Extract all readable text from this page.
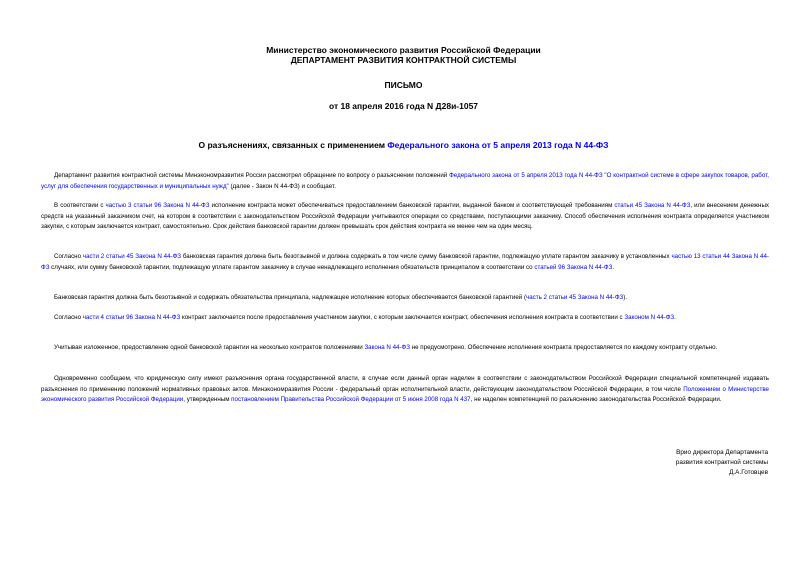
Министерство экономического развития Российской Федерации
ДЕПАРТАМЕНТ РАЗВИТИЯ КОНТРАКТНОЙ СИСТЕМЫ
ПИСЬМО
от 18 апреля 2016 года N Д28и-1057
О разъяснениях, связанных с применением Федерального закона от 5 апреля 2013 года N 44-ФЗ
Департамент развития контрактной системы Минэкономразвития России рассмотрел обращение по вопросу о разъяснении положений Федерального закона от 5 апреля 2013 года N 44-ФЗ "О контрактной системе в сфере закупок товаров, работ, услуг для обеспечения государственных и муниципальных нужд" (далее - Закон N 44-ФЗ) и сообщает.
В соответствии с частью 3 статьи 96 Закона N 44-ФЗ исполнение контракта может обеспечиваться предоставлением банковской гарантии, выданной банком и соответствующей требованиям статьи 45 Закона N 44-ФЗ, или внесением денежных средств на указанный заказчиком счет, на котором в соответствии с законодательством Российской Федерации учитываются операции со средствами, поступающими заказчику. Способ обеспечения исполнения контракта определяется участником закупки, с которым заключается контракт, самостоятельно. Срок действия банковской гарантии должен превышать срок действия контракта не менее чем на один месяц.
Согласно части 2 статьи 45 Закона N 44-ФЗ банковская гарантия должна быть безотзывной и должна содержать в том числе сумму банковской гарантии, подлежащую уплате гарантом заказчику в установленных частью 13 статьи 44 Закона N 44-ФЗ случаях, или сумму банковской гарантии, подлежащую уплате гарантом заказчику в случае ненадлежащего исполнения обязательств принципалом в соответствии со статьей 96 Закона N 44-ФЗ.
Банковская гарантия должна быть безотзывной и содержать обязательства принципала, надлежащее исполнение которых обеспечивается банковской гарантией (часть 2 статьи 45 Закона N 44-ФЗ).
Согласно части 4 статьи 96 Закона N 44-ФЗ контракт заключается после предоставления участником закупки, с которым заключается контракт, обеспечения исполнения контракта в соответствии с Законом N 44-ФЗ.
Учитывая изложенное, предоставление одной банковской гарантии на несколько контрактов положениями Закона N 44-ФЗ не предусмотрено. Обеспечение исполнения контракта предоставляется по каждому контракту отдельно.
Одновременно сообщаем, что юридическую силу имеют разъяснения органа государственной власти, в случае если данный орган наделен в соответствии с законодательством Российской Федерации специальной компетенцией издавать разъяснения по применению положений нормативных правовых актов. Минэкономразвития России - федеральный орган исполнительной власти, действующим законодательством Российской Федерации, в том числе Положением о Министерстве экономического развития Российской Федерации, утвержденным постановлением Правительства Российской Федерации от 5 июня 2008 года N 437, не наделен компетенцией по разъяснению законодательства Российской Федерации.
Врио директора Департамента
развития контрактной системы
Д.А.Готовцев
